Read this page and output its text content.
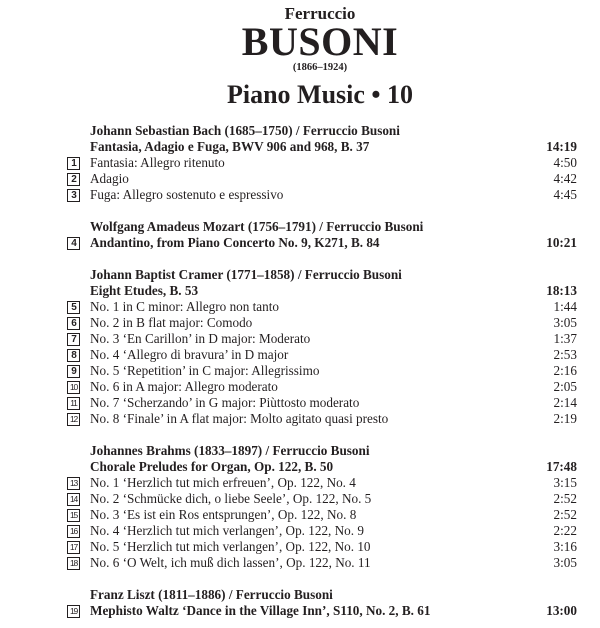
Ferruccio
BUSONI
(1866–1924)
Piano Music • 10
Johann Sebastian Bach (1685–1750) / Ferruccio Busoni
Fantasia, Adagio e Fuga, BWV 906 and 968, B. 37	14:19
1	Fantasia: Allegro ritenuto	4:50
2	Adagio	4:42
3	Fuga: Allegro sostenuto e espressivo	4:45
Wolfgang Amadeus Mozart (1756–1791) / Ferruccio Busoni
4	Andantino, from Piano Concerto No. 9, K271, B. 84	10:21
Johann Baptist Cramer (1771–1858) / Ferruccio Busoni
Eight Etudes, B. 53	18:13
5	No. 1 in C minor: Allegro non tanto	1:44
6	No. 2 in B flat major: Comodo	3:05
7	No. 3 ‘En Carillon’ in D major: Moderato	1:37
8	No. 4 ‘Allegro di bravura’ in D major	2:53
9	No. 5 ‘Repetition’ in C major: Allegrissimo	2:16
10 No. 6 in A major: Allegro moderato	2:05
11 No. 7 ‘Scherzando’ in G major: Piùttosto moderato	2:14
12 No. 8 ‘Finale’ in A flat major: Molto agitato quasi presto	2:19
Johannes Brahms (1833–1897) / Ferruccio Busoni
Chorale Preludes for Organ, Op. 122, B. 50	17:48
13 No. 1 ‘Herzlich tut mich erfreuen’, Op. 122, No. 4	3:15
14 No. 2 ‘Schmücke dich, o liebe Seele’, Op. 122, No. 5	2:52
15 No. 3 ‘Es ist ein Ros entsprungen’, Op. 122, No. 8	2:52
16 No. 4 ‘Herzlich tut mich verlangen’, Op. 122, No. 9	2:22
17 No. 5 ‘Herzlich tut mich verlangen’, Op. 122, No. 10	3:16
18 No. 6 ‘O Welt, ich muß dich lassen’, Op. 122, No. 11	3:05
Franz Liszt (1811–1886) / Ferruccio Busoni
19 Mephisto Waltz ‘Dance in the Village Inn’, S110, No. 2, B. 61	13:00
